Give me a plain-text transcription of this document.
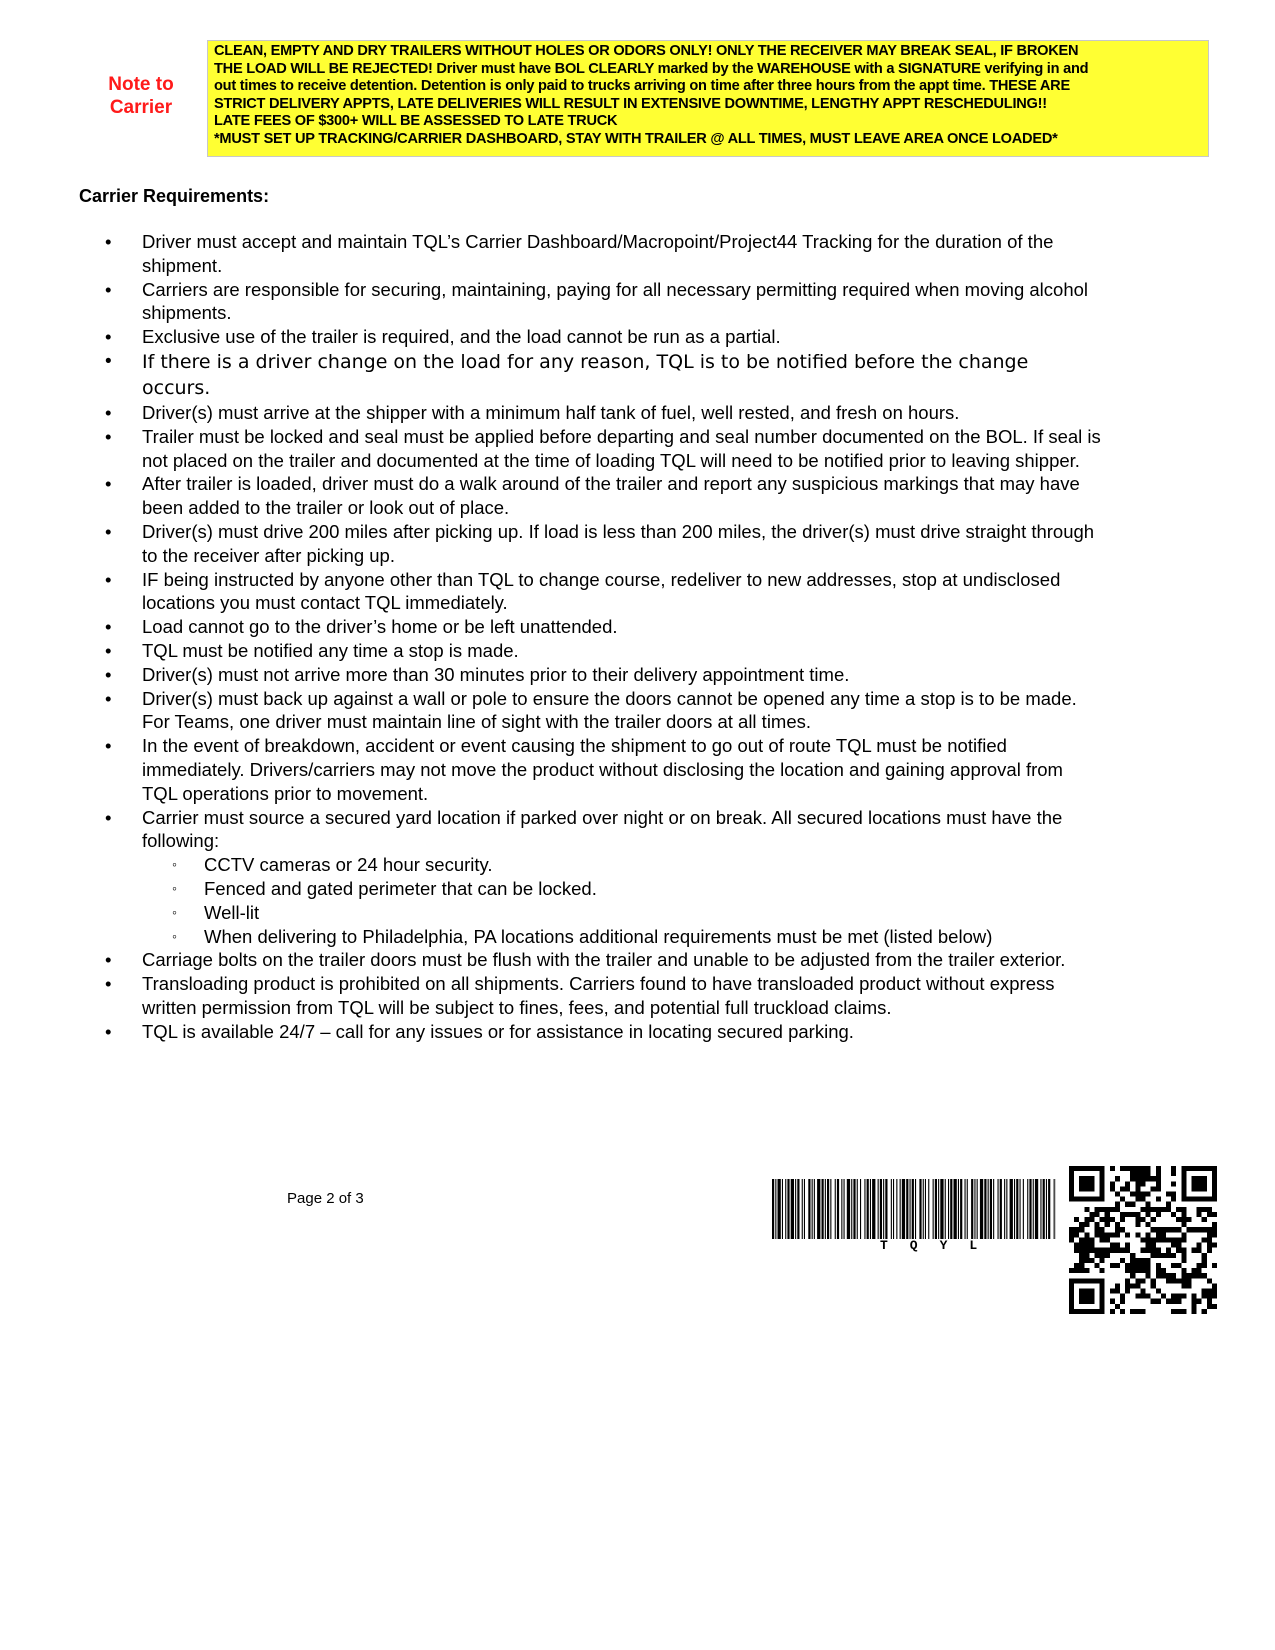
Note to
Carrier
CLEAN, EMPTY AND DRY TRAILERS WITHOUT HOLES OR ODORS ONLY! ONLY THE RECEIVER MAY BREAK SEAL, IF BROKEN
THE LOAD WILL BE REJECTED! Driver must have BOL CLEARLY marked by the WAREHOUSE with a SIGNATURE verifying in and
out times to receive detention. Detention is only paid to trucks arriving on time after three hours from the appt time. THESE ARE
STRICT DELIVERY APPTS, LATE DELIVERIES WILL RESULT IN EXTENSIVE DOWNTIME, LENGTHY APPT RESCHEDULING!!
LATE FEES OF $300+ WILL BE ASSESSED TO LATE TRUCK
*MUST SET UP TRACKING/CARRIER DASHBOARD, STAY WITH TRAILER @ ALL TIMES, MUST LEAVE AREA ONCE LOADED*
Carrier Requirements:
• Driver must accept and maintain TQL’s Carrier Dashboard/Macropoint/Project44 Tracking for the duration of the shipment.
• Carriers are responsible for securing, maintaining, paying for all necessary permitting required when moving alcohol shipments.
• Exclusive use of the trailer is required, and the load cannot be run as a partial.
• If there is a driver change on the load for any reason, TQL is to be notified before the change occurs.
• Driver(s) must arrive at the shipper with a minimum half tank of fuel, well rested, and fresh on hours.
• Trailer must be locked and seal must be applied before departing and seal number documented on the BOL. If seal is not placed on the trailer and documented at the time of loading TQL will need to be notified prior to leaving shipper.
• After trailer is loaded, driver must do a walk around of the trailer and report any suspicious markings that may have been added to the trailer or look out of place.
• Driver(s) must drive 200 miles after picking up. If load is less than 200 miles, the driver(s) must drive straight through to the receiver after picking up.
• IF being instructed by anyone other than TQL to change course, redeliver to new addresses, stop at undisclosed locations you must contact TQL immediately.
• Load cannot go to the driver’s home or be left unattended.
• TQL must be notified any time a stop is made.
• Driver(s) must not arrive more than 30 minutes prior to their delivery appointment time.
• Driver(s) must back up against a wall or pole to ensure the doors cannot be opened any time a stop is to be made. For Teams, one driver must maintain line of sight with the trailer doors at all times.
• In the event of breakdown, accident or event causing the shipment to go out of route TQL must be notified immediately. Drivers/carriers may not move the product without disclosing the location and gaining approval from TQL operations prior to movement.
• Carrier must source a secured yard location if parked over night or on break. All secured locations must have the following:
◦ CCTV cameras or 24 hour security.
◦ Fenced and gated perimeter that can be locked.
◦ Well-lit
◦ When delivering to Philadelphia, PA locations additional requirements must be met (listed below)
• Carriage bolts on the trailer doors must be flush with the trailer and unable to be adjusted from the trailer exterior.
• Transloading product is prohibited on all shipments. Carriers found to have transloaded product without express written permission from TQL will be subject to fines, fees, and potential full truckload claims.
• TQL is available 24/7 – call for any issues or for assistance in locating secured parking.
Page 2 of 3
TQYL
